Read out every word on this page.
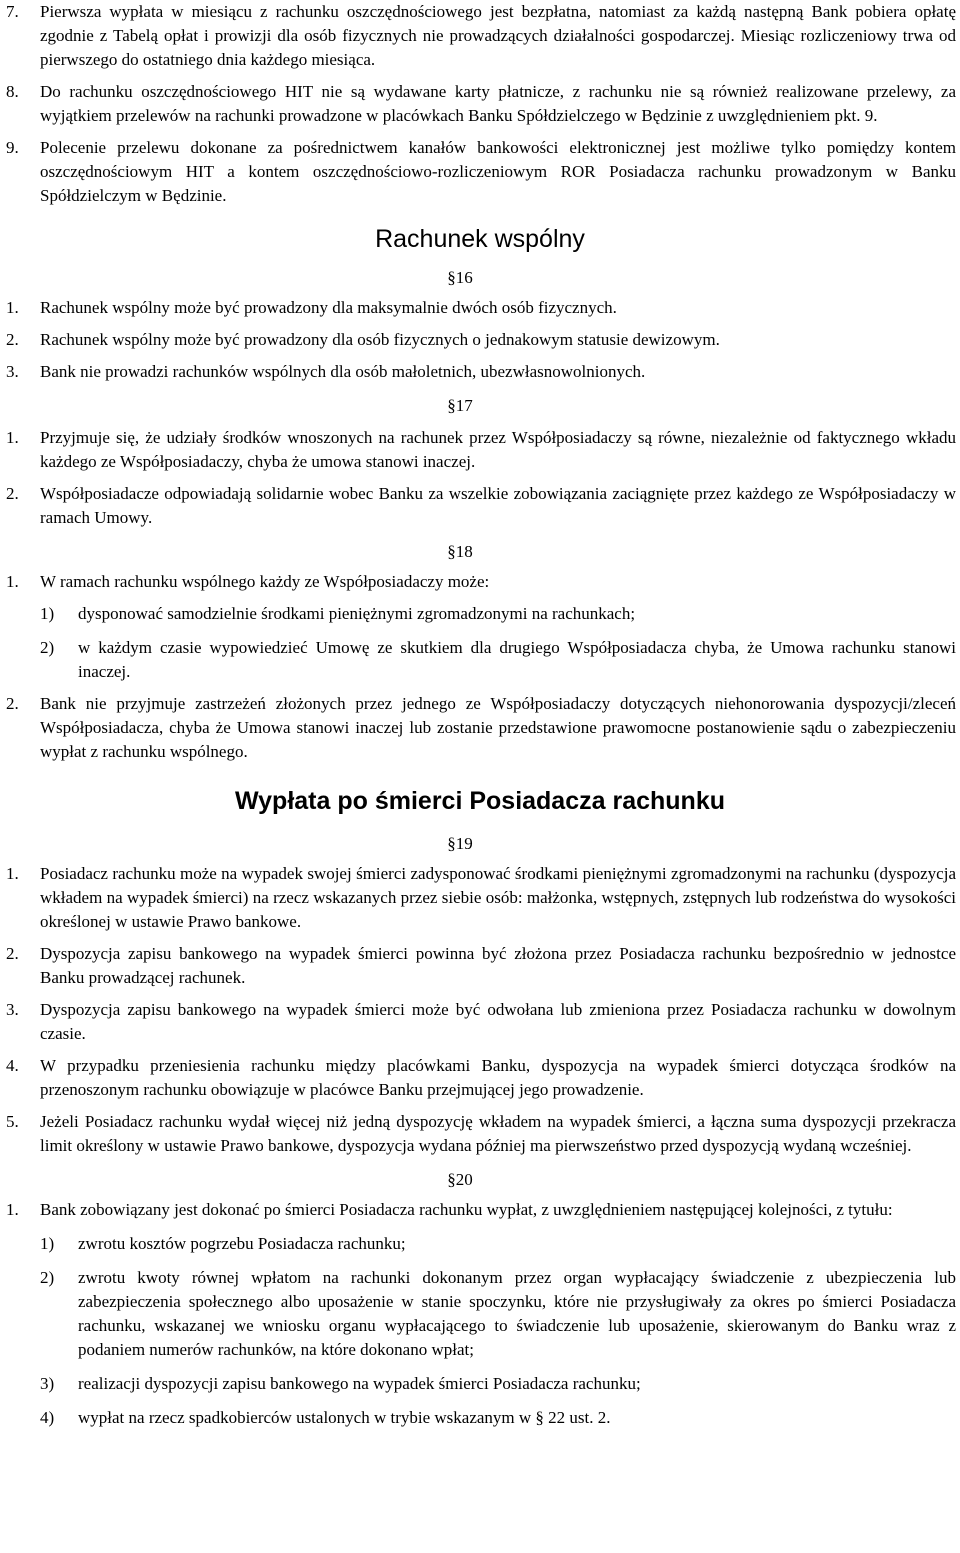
7. Pierwsza wypłata w miesiącu z rachunku oszczędnościowego jest bezpłatna, natomiast za każdą następną Bank pobiera opłatę zgodnie z Tabelą opłat i prowizji dla osób fizycznych nie prowadzących działalności gospodarczej. Miesiąc rozliczeniowy trwa od pierwszego do ostatniego dnia każdego miesiąca.
8. Do rachunku oszczędnościowego HIT nie są wydawane karty płatnicze, z rachunku nie są również realizowane przelewy, za wyjątkiem przelewów na rachunki prowadzone w placówkach Banku Spółdzielczego w Będzinie z uwzględnieniem pkt. 9.
9. Polecenie przelewu dokonane za pośrednictwem kanałów bankowości elektronicznej jest możliwe tylko pomiędzy kontem oszczędnościowym HIT a kontem oszczędnościowo-rozliczeniowym ROR Posiadacza rachunku prowadzonym w Banku Spółdzielczym w Będzinie.
Rachunek wspólny
§16
1. Rachunek wspólny może być prowadzony dla maksymalnie dwóch osób fizycznych.
2. Rachunek wspólny może być prowadzony dla osób fizycznych o jednakowym statusie dewizowym.
3. Bank nie prowadzi rachunków wspólnych dla osób małoletnich, ubezwłasnowolnionych.
§17
1. Przyjmuje się, że udziały środków wnoszonych na rachunek przez Współposiadaczy są równe, niezależnie od faktycznego wkładu każdego ze Współposiadaczy, chyba że umowa stanowi inaczej.
2. Współposiadacze odpowiadają solidarnie wobec Banku za wszelkie zobowiązania zaciągnięte przez każdego ze Współposiadaczy w ramach Umowy.
§18
1. W ramach rachunku wspólnego każdy ze Współposiadaczy może:
1) dysponować samodzielnie środkami pieniężnymi zgromadzonymi na rachunkach;
2) w każdym czasie wypowiedzieć Umowę ze skutkiem dla drugiego Współposiadacza chyba, że Umowa rachunku stanowi inaczej.
2. Bank nie przyjmuje zastrzeżeń złożonych przez jednego ze Współposiadaczy dotyczących niehonorowania dyspozycji/zleceń Współposiadacza, chyba że Umowa stanowi inaczej lub zostanie przedstawione prawomocne postanowienie sądu o zabezpieczeniu wypłat z rachunku wspólnego.
Wypłata po śmierci Posiadacza rachunku
§19
1. Posiadacz rachunku może na wypadek swojej śmierci zadysponować środkami pieniężnymi zgromadzonymi na rachunku (dyspozycja wkładem na wypadek śmierci) na rzecz wskazanych przez siebie osób: małżonka, wstępnych, zstępnych lub rodzeństwa do wysokości określonej w ustawie Prawo bankowe.
2. Dyspozycja zapisu bankowego na wypadek śmierci powinna być złożona przez Posiadacza rachunku bezpośrednio w jednostce Banku prowadzącej rachunek.
3. Dyspozycja zapisu bankowego na wypadek śmierci może być odwołana lub zmieniona przez Posiadacza rachunku w dowolnym czasie.
4. W przypadku przeniesienia rachunku między placówkami Banku, dyspozycja na wypadek śmierci dotycząca środków na przenoszonym rachunku obowiązuje w placówce Banku przejmującej jego prowadzenie.
5. Jeżeli Posiadacz rachunku wydał więcej niż jedną dyspozycję wkładem na wypadek śmierci, a łączna suma dyspozycji przekracza limit określony w ustawie Prawo bankowe, dyspozycja wydana później ma pierwszeństwo przed dyspozycją wydaną wcześniej.
§20
1. Bank zobowiązany jest dokonać po śmierci Posiadacza rachunku wypłat, z uwzględnieniem następującej kolejności, z tytułu:
1) zwrotu kosztów pogrzebu Posiadacza rachunku;
2) zwrotu kwoty równej wpłatom na rachunki dokonanym przez organ wypłacający świadczenie z ubezpieczenia lub zabezpieczenia społecznego albo uposażenie w stanie spoczynku, które nie przysługiwały za okres po śmierci Posiadacza rachunku, wskazanej we wniosku organu wypłacającego to świadczenie lub uposażenie, skierowanym do Banku wraz z podaniem numerów rachunków, na które dokonano wpłat;
3) realizacji dyspozycji zapisu bankowego na wypadek śmierci Posiadacza rachunku;
4) wypłat na rzecz spadkobierców ustalonych w trybie wskazanym w § 22 ust. 2.
